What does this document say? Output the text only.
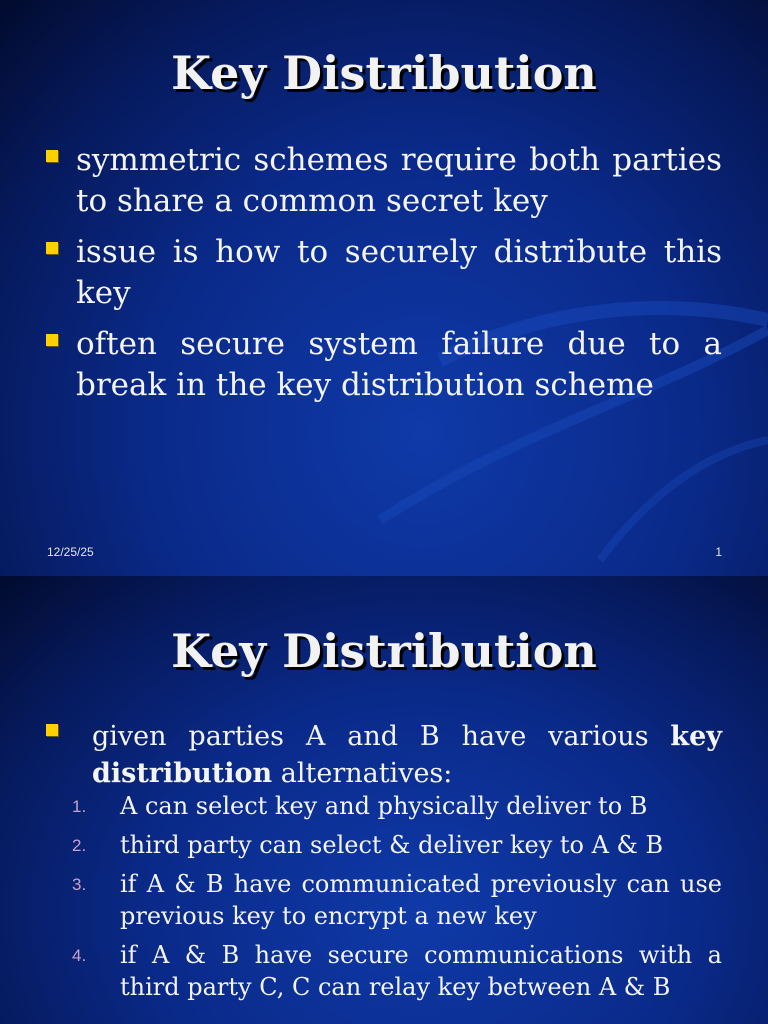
Key Distribution
symmetric schemes require both parties to share a common secret key
issue is how to securely distribute this key
often secure system failure due to a break in the key distribution scheme
12/25/25	1
Key Distribution
given parties A and B have various key distribution alternatives:
1. A can select key and physically deliver to B
2. third party can select & deliver key to A & B
3. if A & B have communicated previously can use previous key to encrypt a new key
4. if A & B have secure communications with a third party C, C can relay key between A & B
